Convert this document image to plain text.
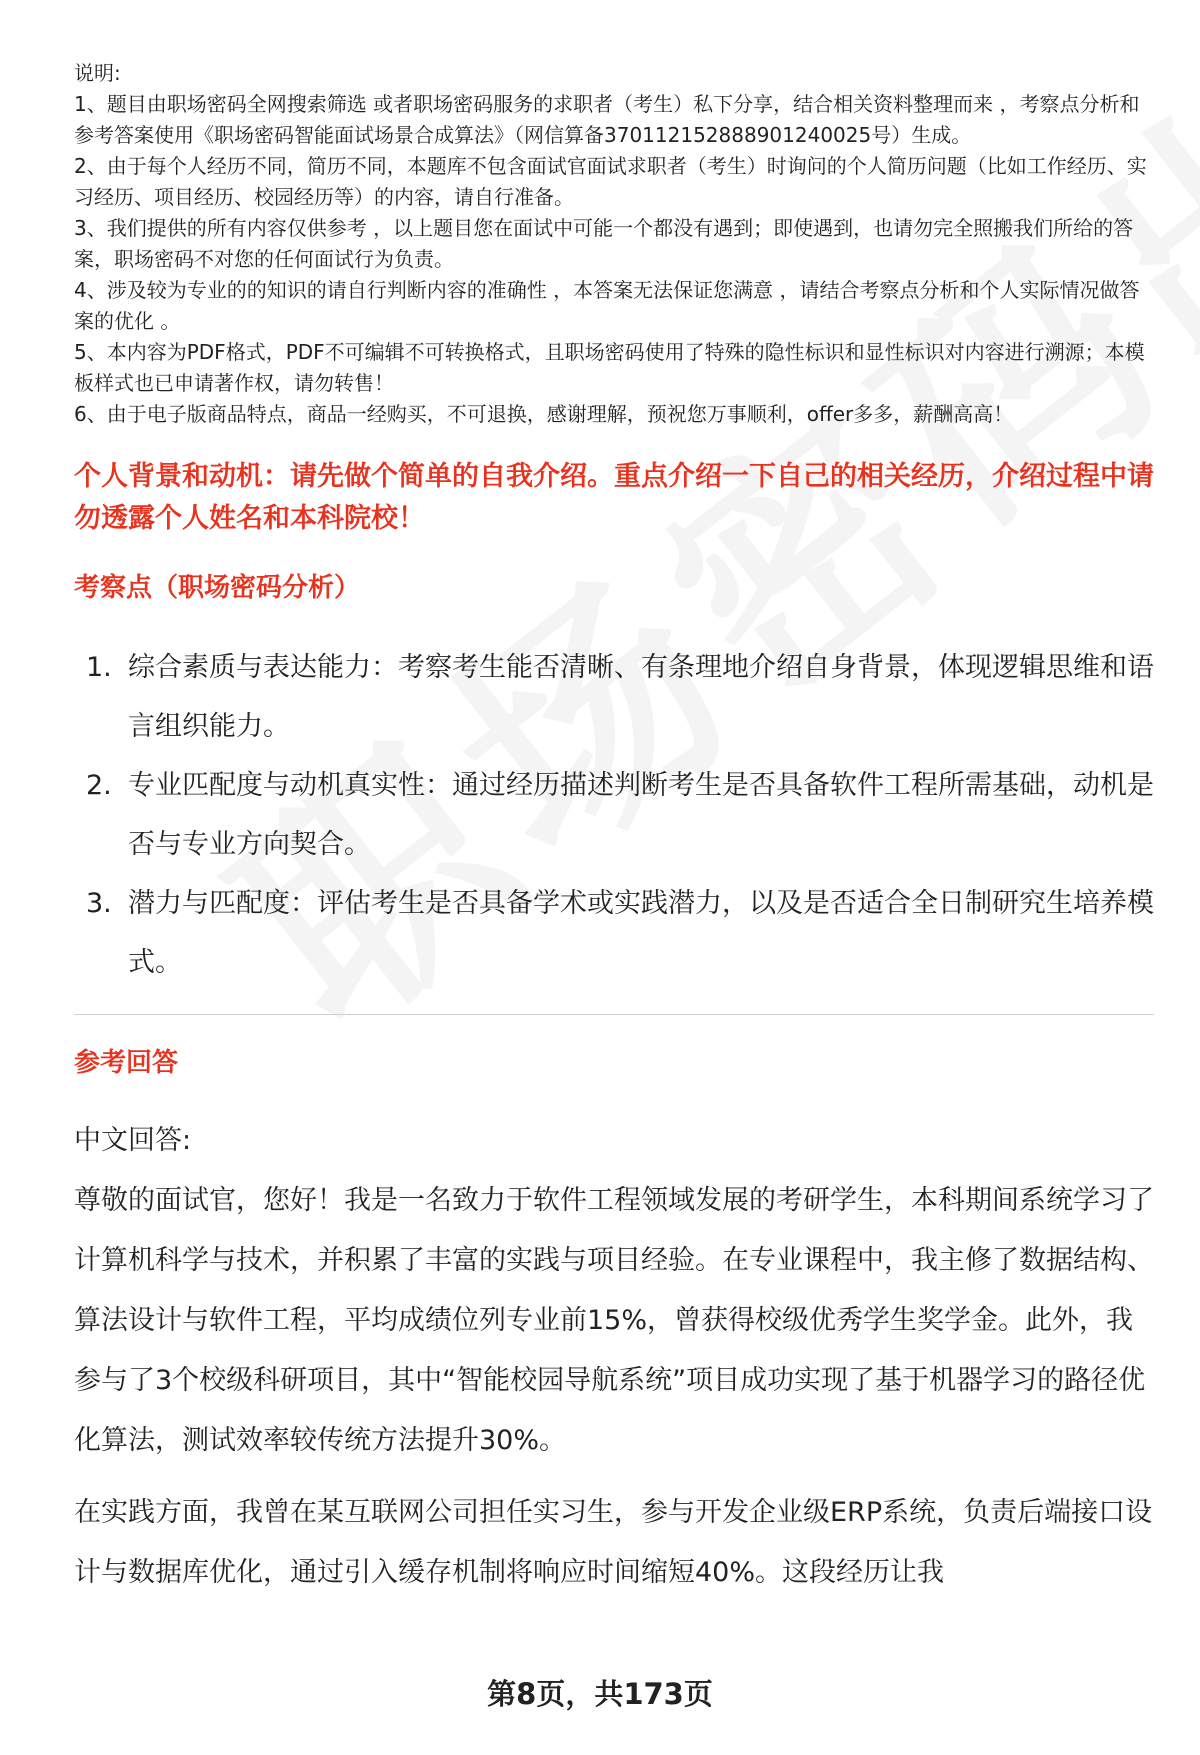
说明:

1、题目由职场密码全网搜索筛选 或者职场密码服务的求职者（考生）私下分享，结合相关资料整理而来 ，考察点分析和参考答案使用《职场密码智能面试场景合成算法》（网信算备370112152888901240025号）生成。

2、由于每个人经历不同，简历不同，本题库不包含面试官面试求职者（考生）时询问的个人简历问题（比如工作经历、实习经历、项目经历、校园经历等）的内容，请自行准备。

3、我们提供的所有内容仅供参考 ，以上题目您在面试中可能一个都没有遇到；即使遇到，也请勿完全照搬我们所给的答案，职场密码不对您的任何面试行为负责。

4、涉及较为专业的的知识的请自行判断内容的准确性 ，本答案无法保证您满意 ，请结合考察点分析和个人实际情况做答案的优化 。

5、本内容为PDF格式，PDF不可编辑不可转换格式，且职场密码使用了特殊的隐性标识和显性标识对内容进行溯源；本模板样式也已申请著作权，请勿转售！

6、由于电子版商品特点，商品一经购买，不可退换，感谢理解，预祝您万事顺利，offer多多，薪酬高高！

个人背景和动机：请先做个简单的自我介绍。重点介绍一下自己的相关经历，介绍过程中请勿透露个人姓名和本科院校！
考察点（职场密码分析）
1. 综合素质与表达能力：考察考生能否清晰、有条理地介绍自身背景，体现逻辑思维和语言组织能力。
2. 专业匹配度与动机真实性：通过经历描述判断考生是否具备软件工程所需基础，动机是否与专业方向契合。
3. 潜力与匹配度：评估考生是否具备学术或实践潜力，以及是否适合全日制研究生培养模式。
参考回答

中文回答:

尊敬的面试官，您好！我是一名致力于软件工程领域发展的考研学生，本科期间系统学习了计算机科学与技术，并积累了丰富的实践与项目经验。在专业课程中，我主修了数据结构、算法设计与软件工程，平均成绩位列专业前15%，曾获得校级优秀学生奖学金。此外，我参与了3个校级科研项目，其中“智能校园导航系统”项目成功实现了基于机器学习的路径优化算法，测试效率较传统方法提升30%。

在实践方面，我曾在某互联网公司担任实习生，参与开发企业级ERP系统，负责后端接口设计与数据库优化，通过引入缓存机制将响应时间缩短40%。这段经历让我

第8页，共173页
